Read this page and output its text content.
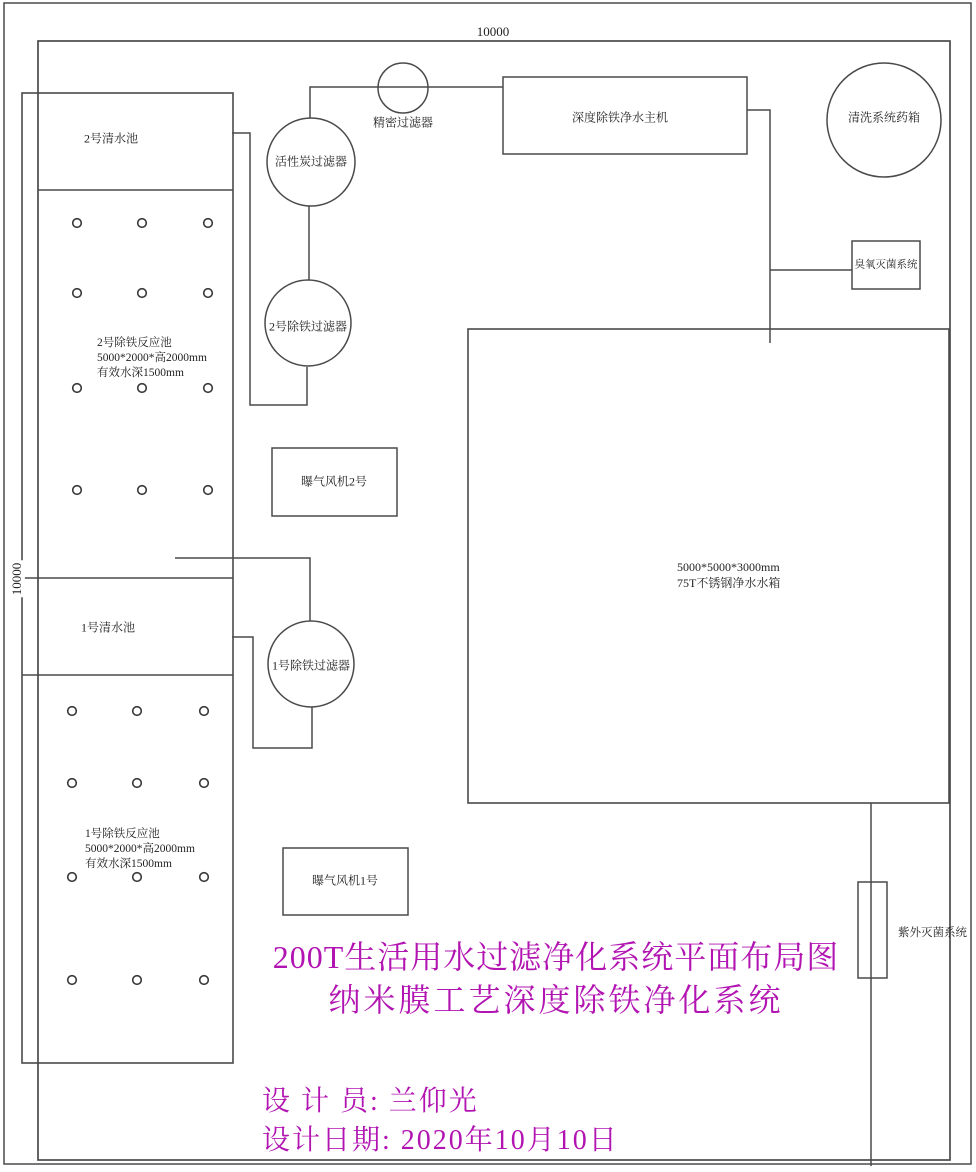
10000
10000
2号清水池
2号除铁反应池
5000*2000*高2000mm
有效水深1500mm
1号清水池
1号除铁反应池
5000*2000*高2000mm
有效水深1500mm
活性炭过滤器
精密过滤器
2号除铁过滤器
1号除铁过滤器
深度除铁净水主机	清洗系统药箱
臭氧灭菌系统
紫外灭菌系统
曝气风机2号
曝气风机1号
5000*5000*3000mm
75T不锈钢净水水箱
200T生活用水过滤净化系统平面布局图
纳米膜工艺深度除铁净化系统
设 计 员: 兰仰光
设计日期: 2020年10月10日
